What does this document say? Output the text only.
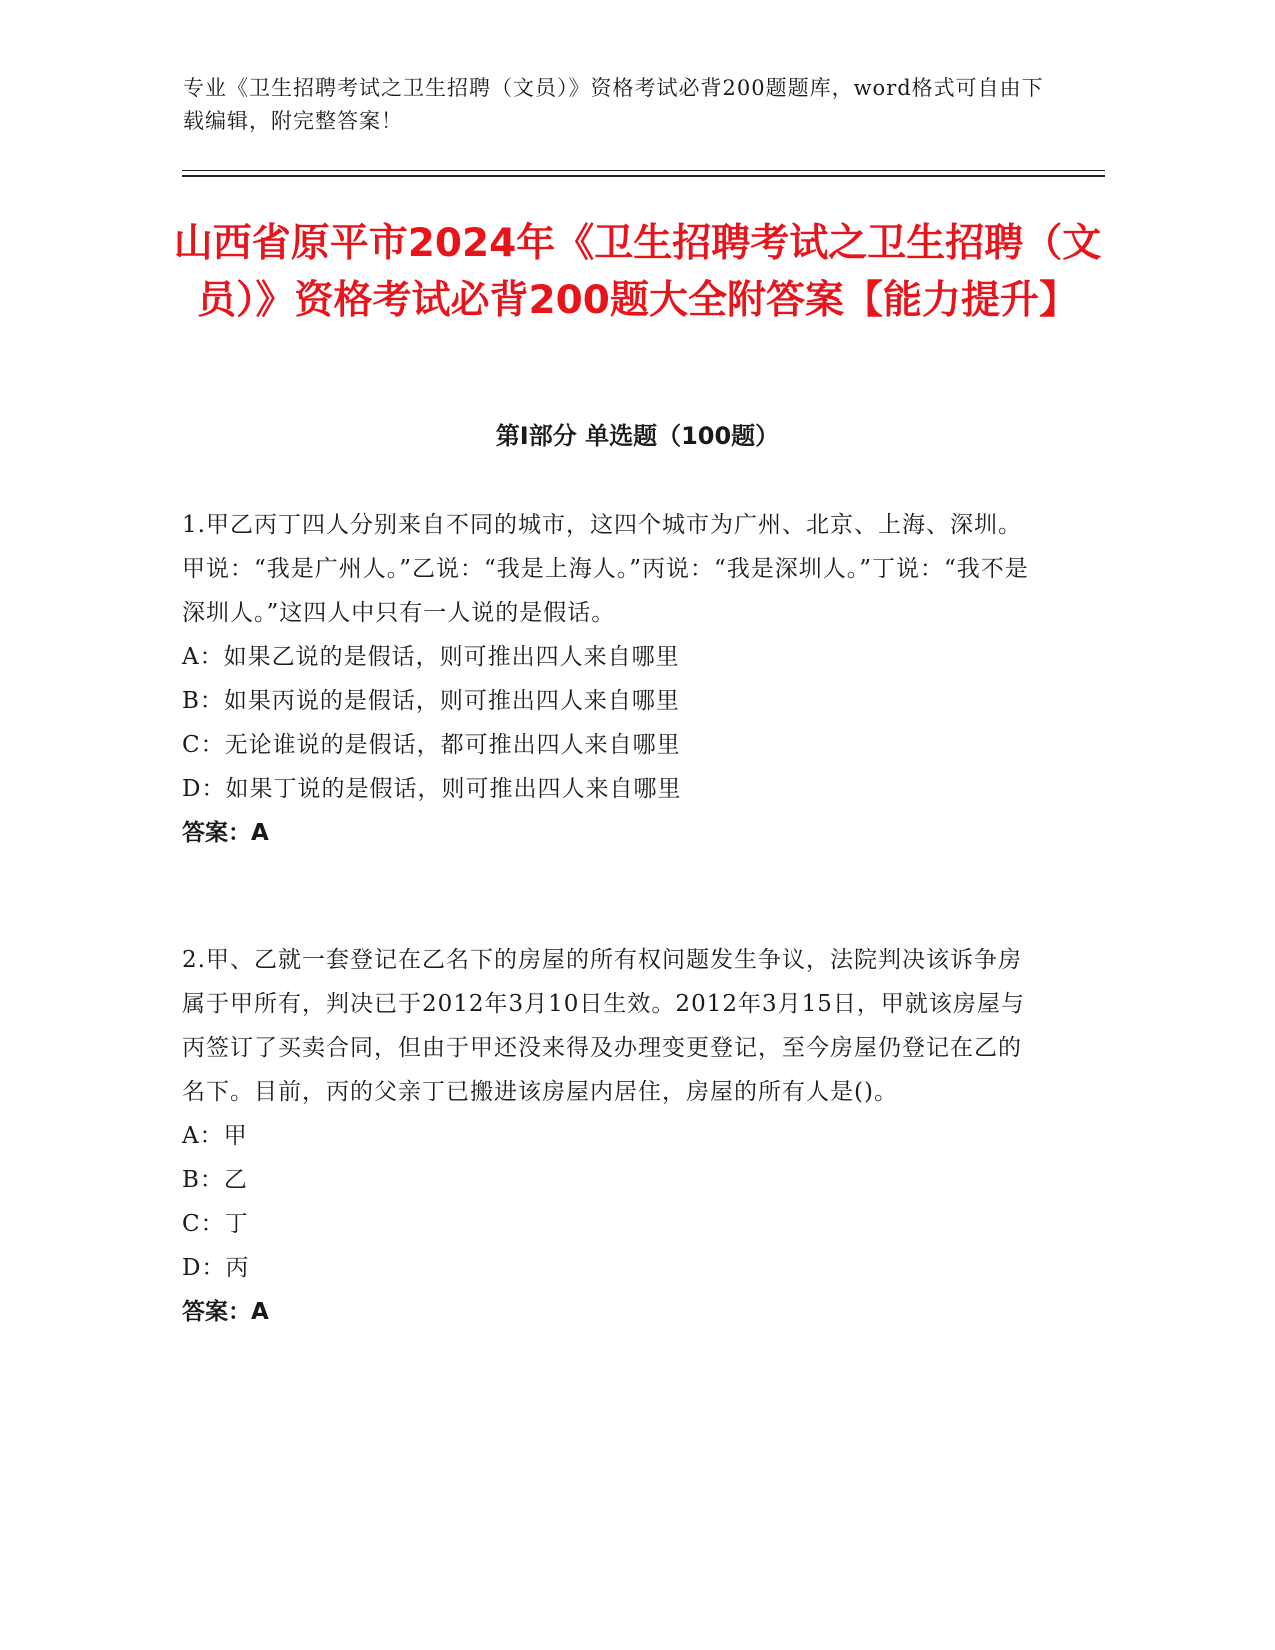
专业《卫生招聘考试之卫生招聘（文员）》资格考试必背200题题库，word格式可自由下载编辑，附完整答案！
山西省原平市2024年《卫生招聘考试之卫生招聘（文员）》资格考试必背200题大全附答案【能力提升】
第Ⅰ部分 单选题（100题）

1.甲乙丙丁四人分别来自不同的城市，这四个城市为广州、北京、上海、深圳。甲说：“我是广州人。”乙说：“我是上海人。”丙说：“我是深圳人。”丁说：“我不是深圳人。”这四人中只有一人说的是假话。

A：如果乙说的是假话，则可推出四人来自哪里

B：如果丙说的是假话，则可推出四人来自哪里

C：无论谁说的是假话，都可推出四人来自哪里

D：如果丁说的是假话，则可推出四人来自哪里

答案：A

2.甲、乙就一套登记在乙名下的房屋的所有权问题发生争议，法院判决该诉争房属于甲所有，判决已于2012年3月10日生效。2012年3月15日，甲就该房屋与丙签订了买卖合同，但由于甲还没来得及办理变更登记，至今房屋仍登记在乙的名下。目前，丙的父亲丁已搬进该房屋内居住，房屋的所有人是()。

A：甲

B：乙

C：丁

D：丙

答案：A
